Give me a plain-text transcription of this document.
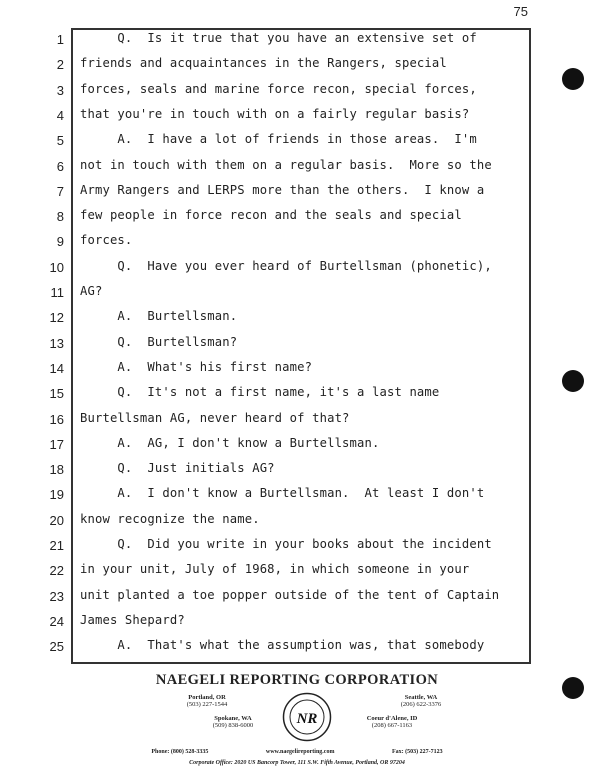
75
1 Q.  Is it true that you have an extensive set of
2 friends and acquaintances in the Rangers, special
3 forces, seals and marine force recon, special forces,
4 that you're in touch with on a fairly regular basis?
5 A.  I have a lot of friends in those areas.  I'm
6 not in touch with them on a regular basis.  More so the
7 Army Rangers and LERPS more than the others.  I know a
8 few people in force recon and the seals and special
9 forces.
10 Q.  Have you ever heard of Burtellsman (phonetic),
11 AG?
12 A.  Burtellsman.
13 Q.  Burtellsman?
14 A.  What's his first name?
15 Q.  It's not a first name, it's a last name
16 Burtellsman AG, never heard of that?
17 A.  AG, I don't know a Burtellsman.
18 Q.  Just initials AG?
19 A.  I don't know a Burtellsman.  At least I don't
20 know recognize the name.
21 Q.  Did you write in your books about the incident
22 in your unit, July of 1968, in which someone in your
23 unit planted a toe popper outside of the tent of Captain
24 James Shepard?
25 A.  That's what the assumption was, that somebody
NAEGELI REPORTING CORPORATION
Portland, OR
(503) 227-1544
Seattle, WA
(206) 622-3376
Spokane, WA
(509) 838-6000
Coeur d'Alene, ID
(208) 667-1163
NR
Phone: (800) 528-3335	www.naegelireporting.com	Fax: (503) 227-7123
Corporate Office: 2020 US Bancorp Tower, 111 S.W. Fifth Avenue, Portland, OR 97204
